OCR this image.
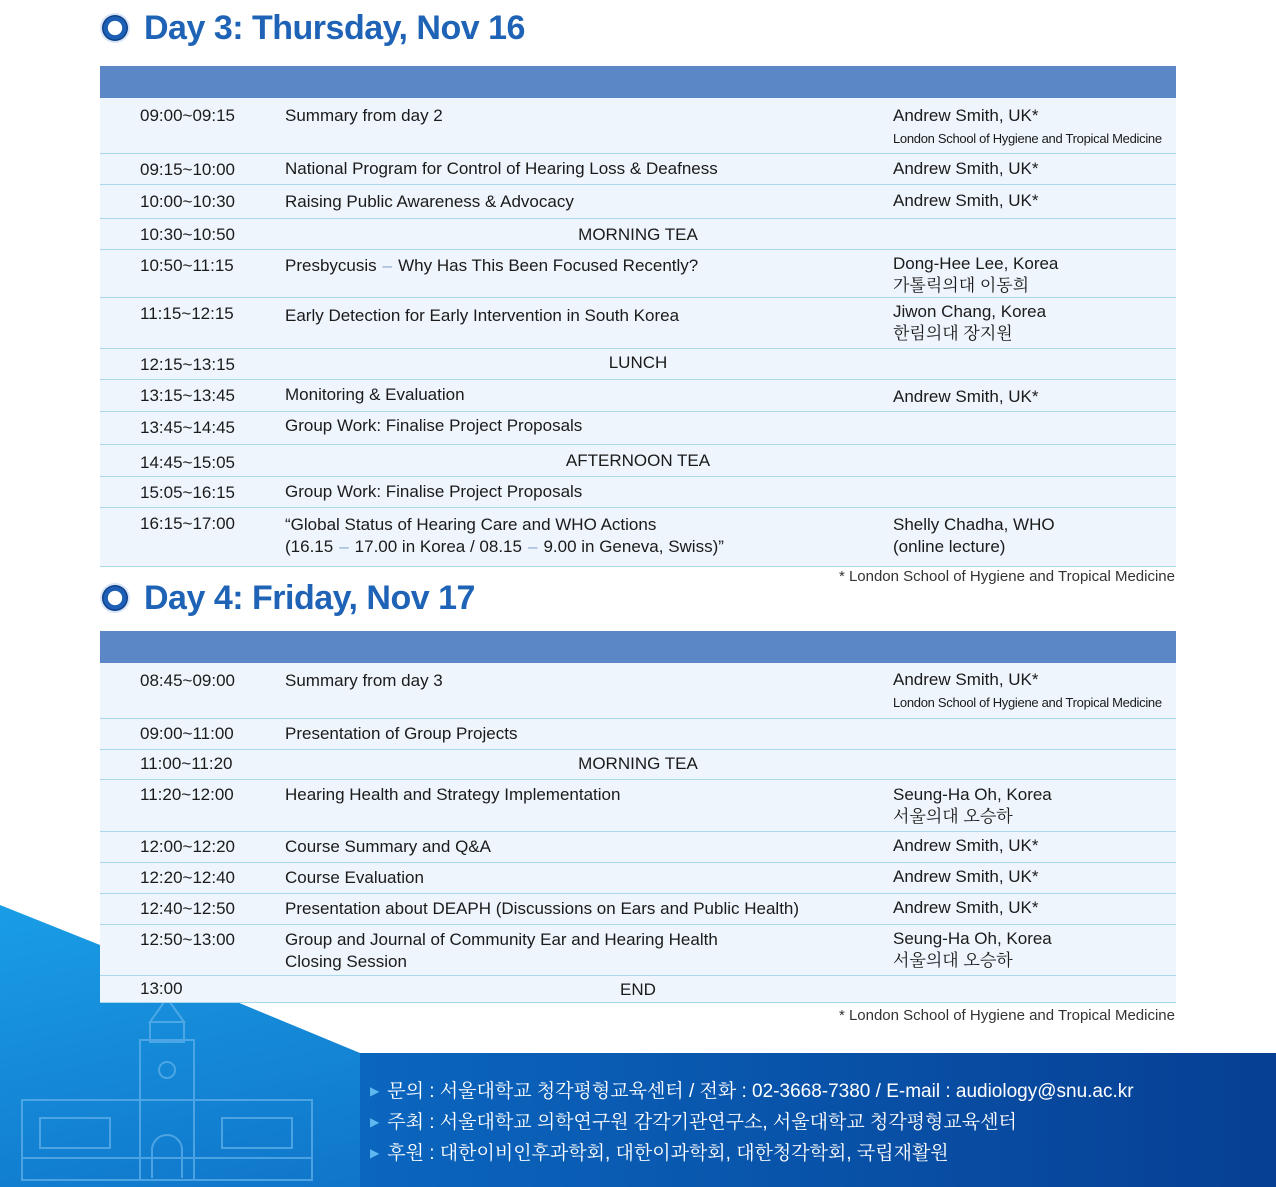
Day 3: Thursday, Nov 16
09:00~09:15	Summary from day 2	Andrew Smith, UK*
London School of Hygiene and Tropical Medicine
09:15~10:00	National Program for Control of Hearing Loss & Deafness	Andrew Smith, UK*
10:00~10:30	Raising Public Awareness & Advocacy	Andrew Smith, UK*
10:30~10:50	MORNING TEA
10:50~11:15	Presbycusis – Why Has This Been Focused Recently?	Dong-Hee Lee, Korea
가톨릭의대 이동희
11:15~12:15	Early Detection for Early Intervention in South Korea	Jiwon Chang, Korea
한림의대 장지원
12:15~13:15	LUNCH
13:15~13:45	Monitoring & Evaluation	Andrew Smith, UK*
13:45~14:45	Group Work: Finalise Project Proposals
14:45~15:05	AFTERNOON TEA
15:05~16:15	Group Work: Finalise Project Proposals
16:15~17:00	“Global Status of Hearing Care and WHO Actions
(16.15 – 17.00 in Korea / 08.15 – 9.00 in Geneva, Swiss)”
Shelly Chadha, WHO
(online lecture)
* London School of Hygiene and Tropical Medicine
Day 4: Friday, Nov 17
08:45~09:00	Summary from day 3	Andrew Smith, UK*
London School of Hygiene and Tropical Medicine
09:00~11:00	Presentation of Group Projects
11:00~11:20	MORNING TEA
11:20~12:00	Hearing Health and Strategy Implementation	Seung-Ha Oh, Korea
서울의대 오승하
12:00~12:20	Course Summary and Q&A	Andrew Smith, UK*
12:20~12:40	Course Evaluation	Andrew Smith, UK*
12:40~12:50	Presentation about DEAPH (Discussions on Ears and Public Health)	Andrew Smith, UK*
12:50~13:00	Group and Journal of Community Ear and Hearing Health
Closing Session
Seung-Ha Oh, Korea
서울의대 오승하
13:00	END
* London School of Hygiene and Tropical Medicine
▶ 문의 : 서울대학교 청각평형교육센터 / 전화 : 02-3668-7380 / E-mail : audiology@snu.ac.kr
▶ 주최 : 서울대학교 의학연구원 감각기관연구소, 서울대학교 청각평형교육센터
▶ 후원 : 대한이비인후과학회, 대한이과학회, 대한청각학회, 국립재활원
